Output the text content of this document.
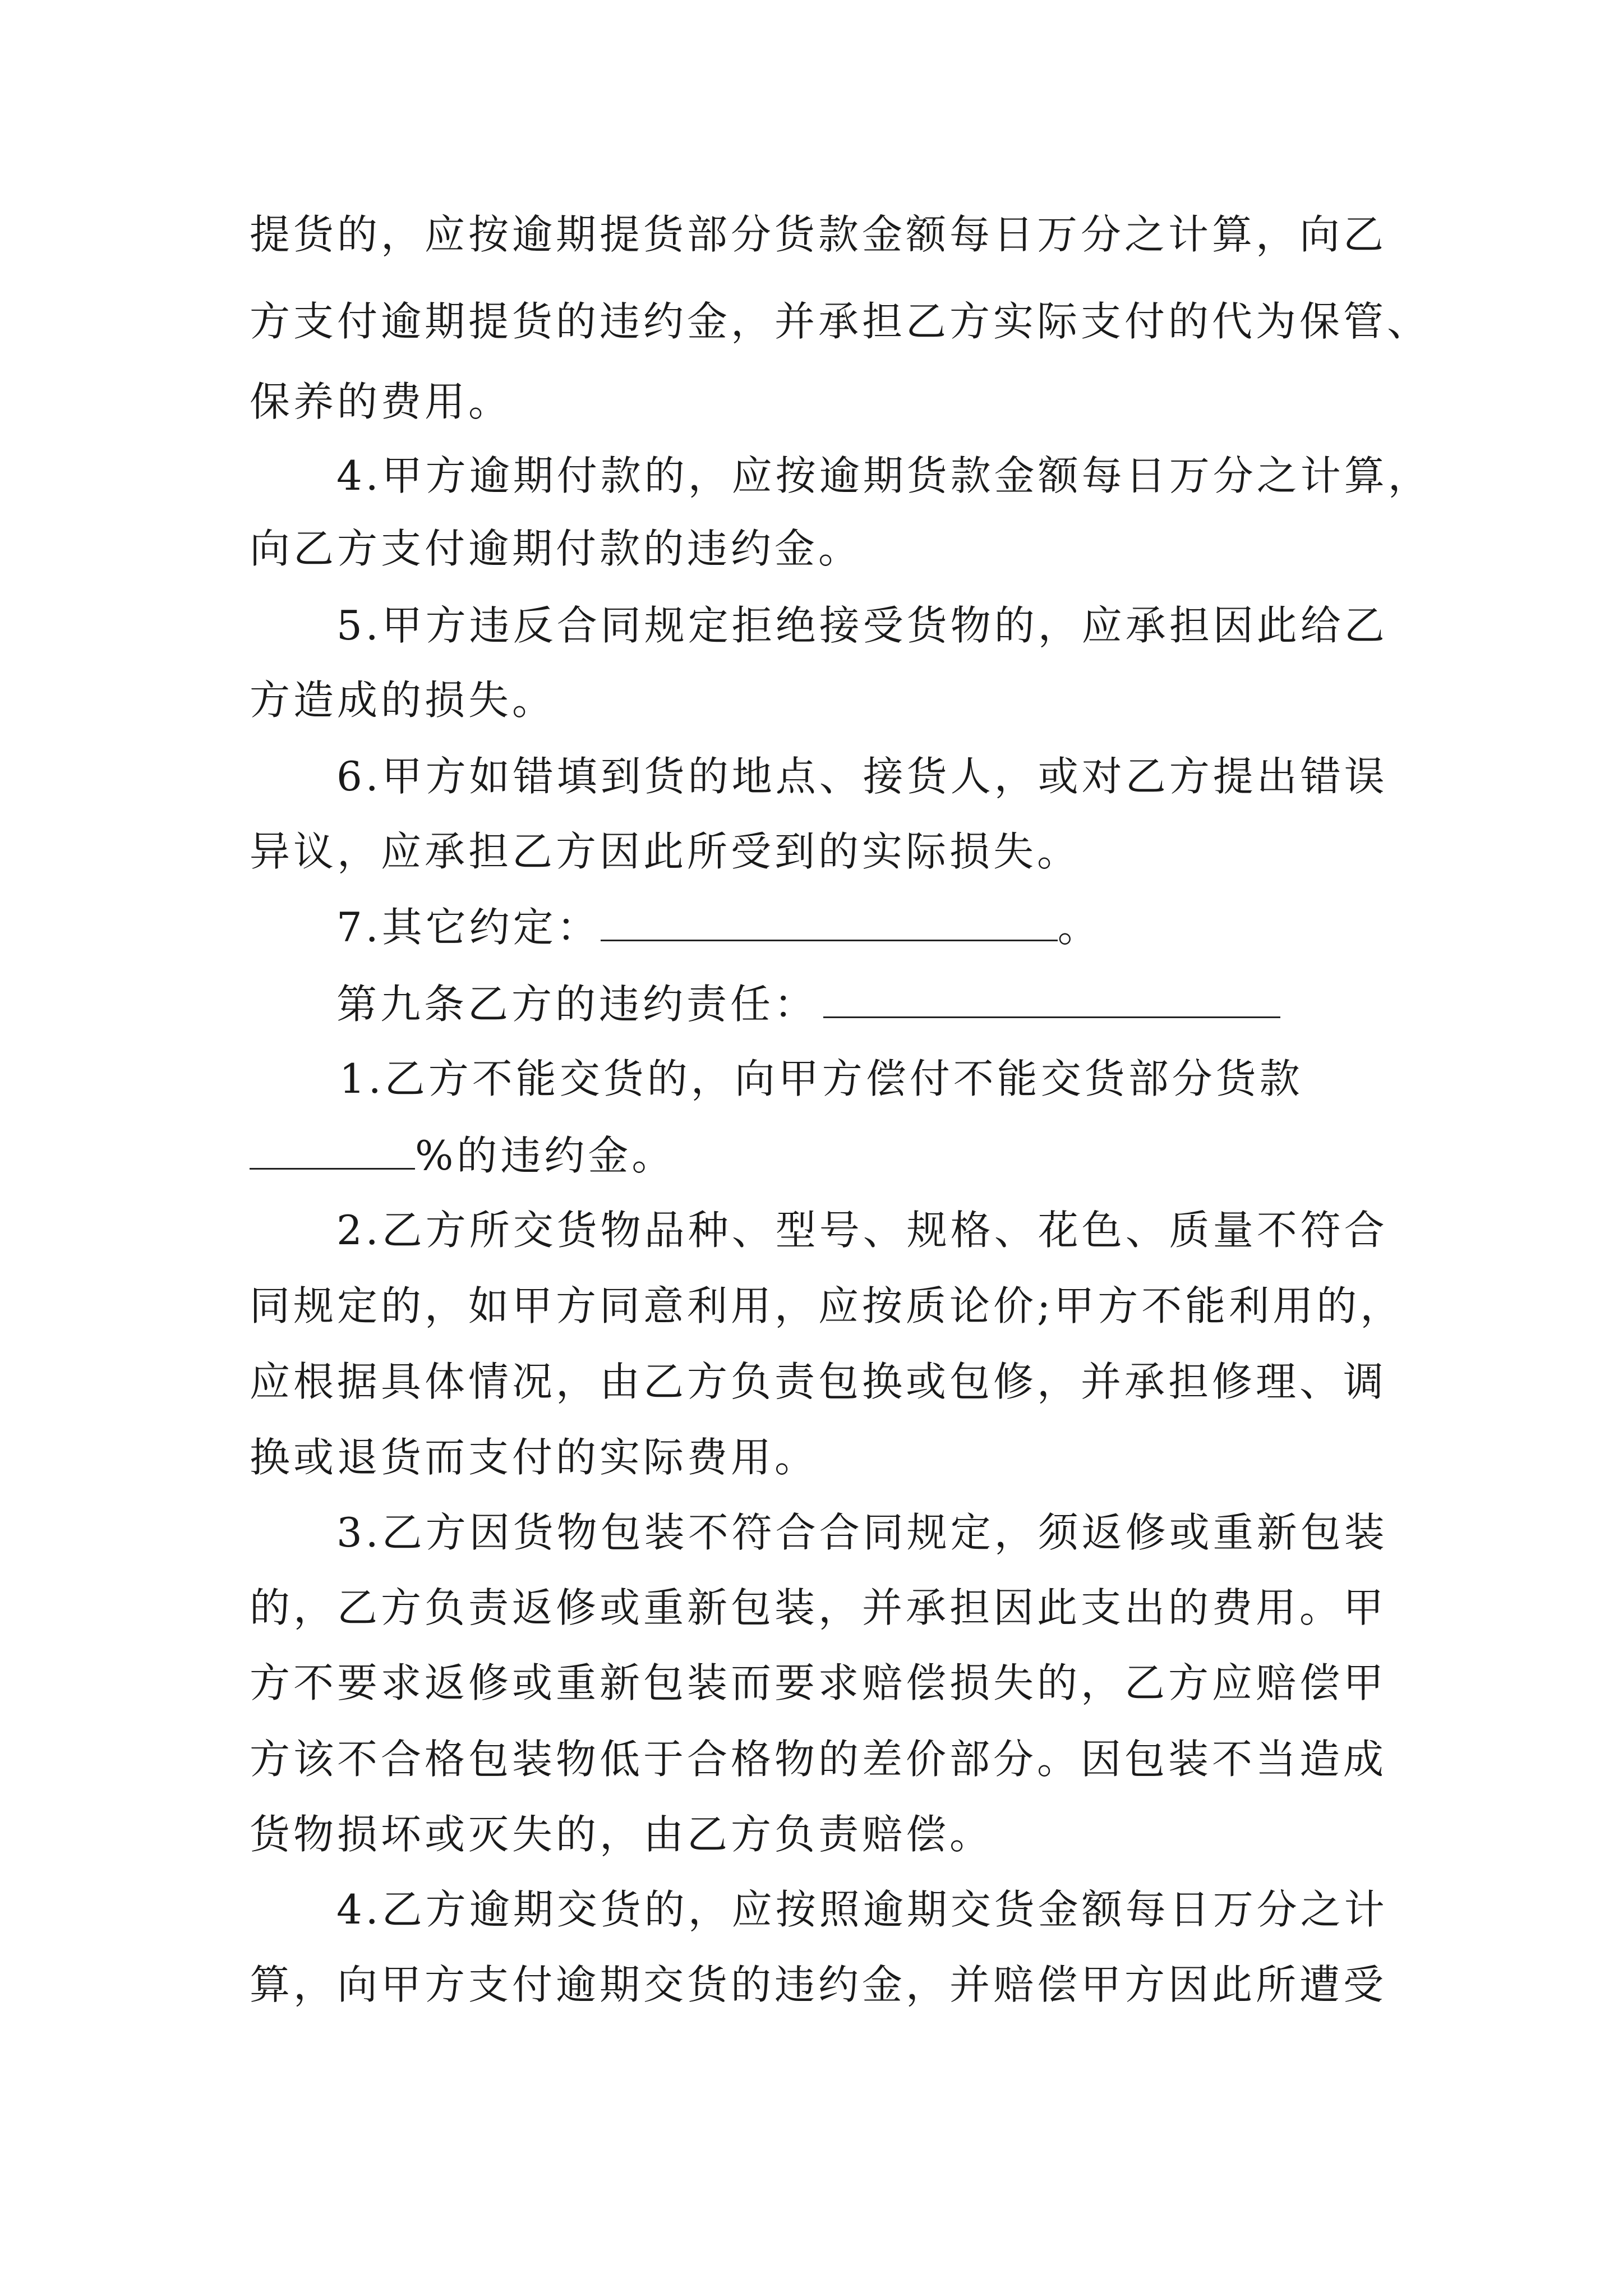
提货的，应按逾期提货部分货款金额每日万分之计算，向乙
方支付逾期提货的违约金，并承担乙方实际支付的代为保管、
保养的费用。
4.甲方逾期付款的，应按逾期货款金额每日万分之计算，
向乙方支付逾期付款的违约金。
5.甲方违反合同规定拒绝接受货物的，应承担因此给乙
方造成的损失。
6.甲方如错填到货的地点、接货人，或对乙方提出错误
异议，应承担乙方因此所受到的实际损失。
7.其它约定：	。
第九条乙方的违约责任：
1.乙方不能交货的，向甲方偿付不能交货部分货款
%的违约金。
2.乙方所交货物品种、型号、规格、花色、质量不符合
同规定的，如甲方同意利用，应按质论价;甲方不能利用的，
应根据具体情况，由乙方负责包换或包修，并承担修理、调
换或退货而支付的实际费用。
3.乙方因货物包装不符合合同规定，须返修或重新包装
的，乙方负责返修或重新包装，并承担因此支出的费用。甲
方不要求返修或重新包装而要求赔偿损失的，乙方应赔偿甲
方该不合格包装物低于合格物的差价部分。因包装不当造成
货物损坏或灭失的，由乙方负责赔偿。
4.乙方逾期交货的，应按照逾期交货金额每日万分之计
算，向甲方支付逾期交货的违约金，并赔偿甲方因此所遭受
